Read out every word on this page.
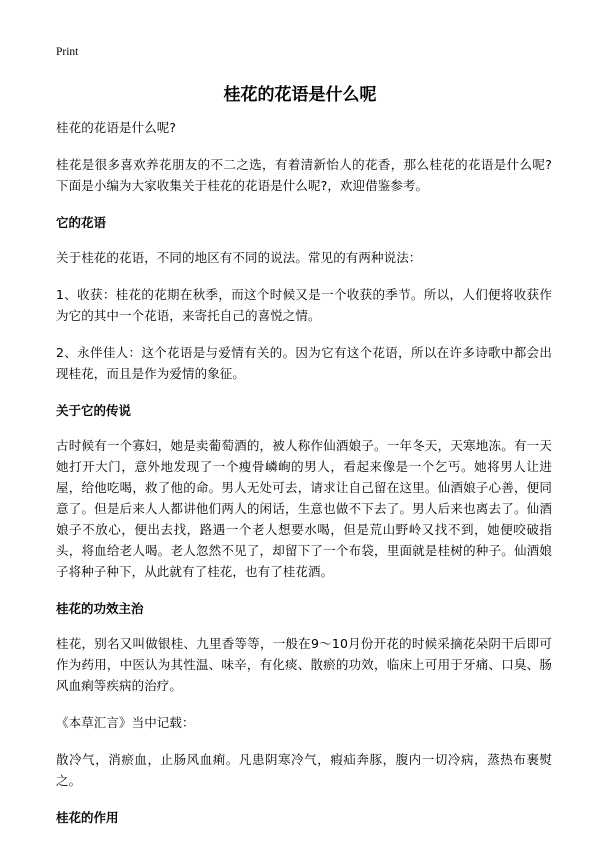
Print
桂花的花语是什么呢

桂花的花语是什么呢?

桂花是很多喜欢养花朋友的不二之选，有着清新怡人的花香，那么桂花的花语是什么呢?下面是小编为大家收集关于桂花的花语是什么呢?，欢迎借鉴参考。

它的花语

关于桂花的花语，不同的地区有不同的说法。常见的有两种说法：

1、收获：桂花的花期在秋季，而这个时候又是一个收获的季节。所以，人们便将收获作为它的其中一个花语，来寄托自己的喜悦之情。

2、永伴佳人：这个花语是与爱情有关的。因为它有这个花语，所以在许多诗歌中都会出现桂花，而且是作为爱情的象征。

关于它的传说

古时候有一个寡妇，她是卖葡萄酒的，被人称作仙酒娘子。一年冬天，天寒地冻。有一天她打开大门，意外地发现了一个瘦骨嶙峋的男人，看起来像是一个乞丐。她将男人让进屋，给他吃喝，救了他的命。男人无处可去，请求让自己留在这里。仙酒娘子心善，便同意了。但是后来人人都讲他们两人的闲话，生意也做不下去了。男人后来也离去了。仙酒娘子不放心，便出去找，路遇一个老人想要水喝，但是荒山野岭又找不到，她便咬破指头，将血给老人喝。老人忽然不见了，却留下了一个布袋，里面就是桂树的种子。仙酒娘子将种子种下，从此就有了桂花，也有了桂花酒。

桂花的功效主治

桂花，别名又叫做银桂、九里香等等，一般在9～10月份开花的时候采摘花朵阴干后即可作为药用，中医认为其性温、味辛，有化痰、散瘀的功效，临床上可用于牙痛、口臭、肠风血痢等疾病的治疗。

《本草汇言》当中记载：

散冷气，消瘀血，止肠风血痢。凡患阴寒冷气，瘕疝奔豚，腹内一切冷病，蒸热布裹熨之。

桂花的作用
